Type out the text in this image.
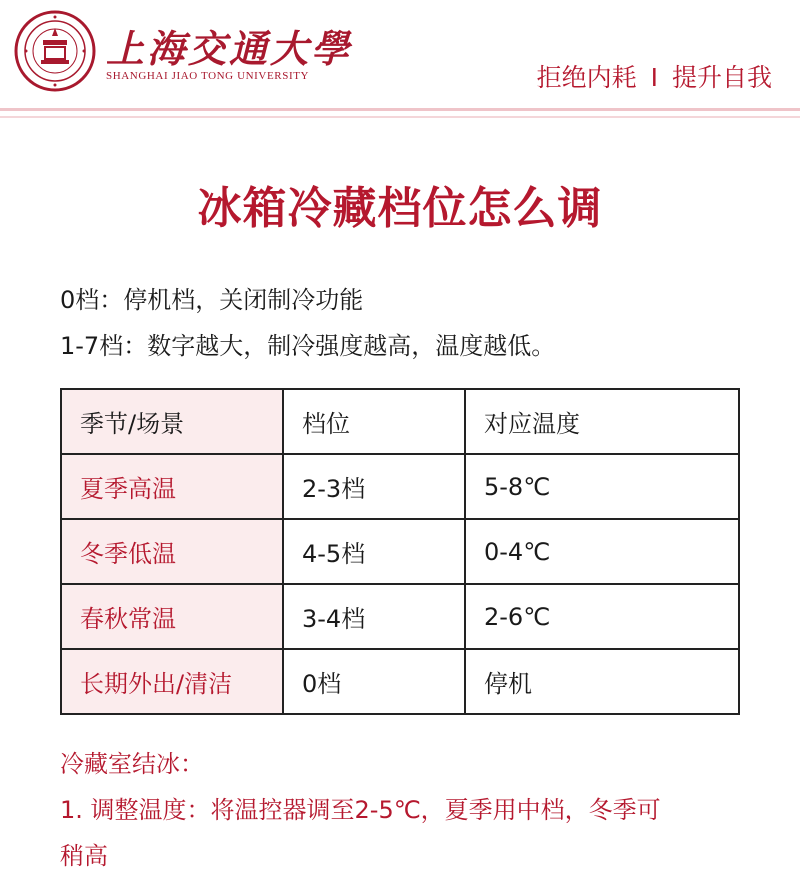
上海交通大學
SHANGHAI JIAO TONG UNIVERSITY	拒绝内耗 I 提升自我
冰箱冷藏档位怎么调
0档：停机档，关闭制冷功能
1-7档：数字越大，制冷强度越高，温度越低。
季节/场景	档位	对应温度
夏季高温	2-3档	5-8℃
冬季低温	4-5档	0-4℃
春秋常温	3-4档	2-6℃
长期外出/清洁	0档	停机
冷藏室结冰：
1. 调整温度：将温控器调至2-5℃，夏季用中档，冬季可
稍高
